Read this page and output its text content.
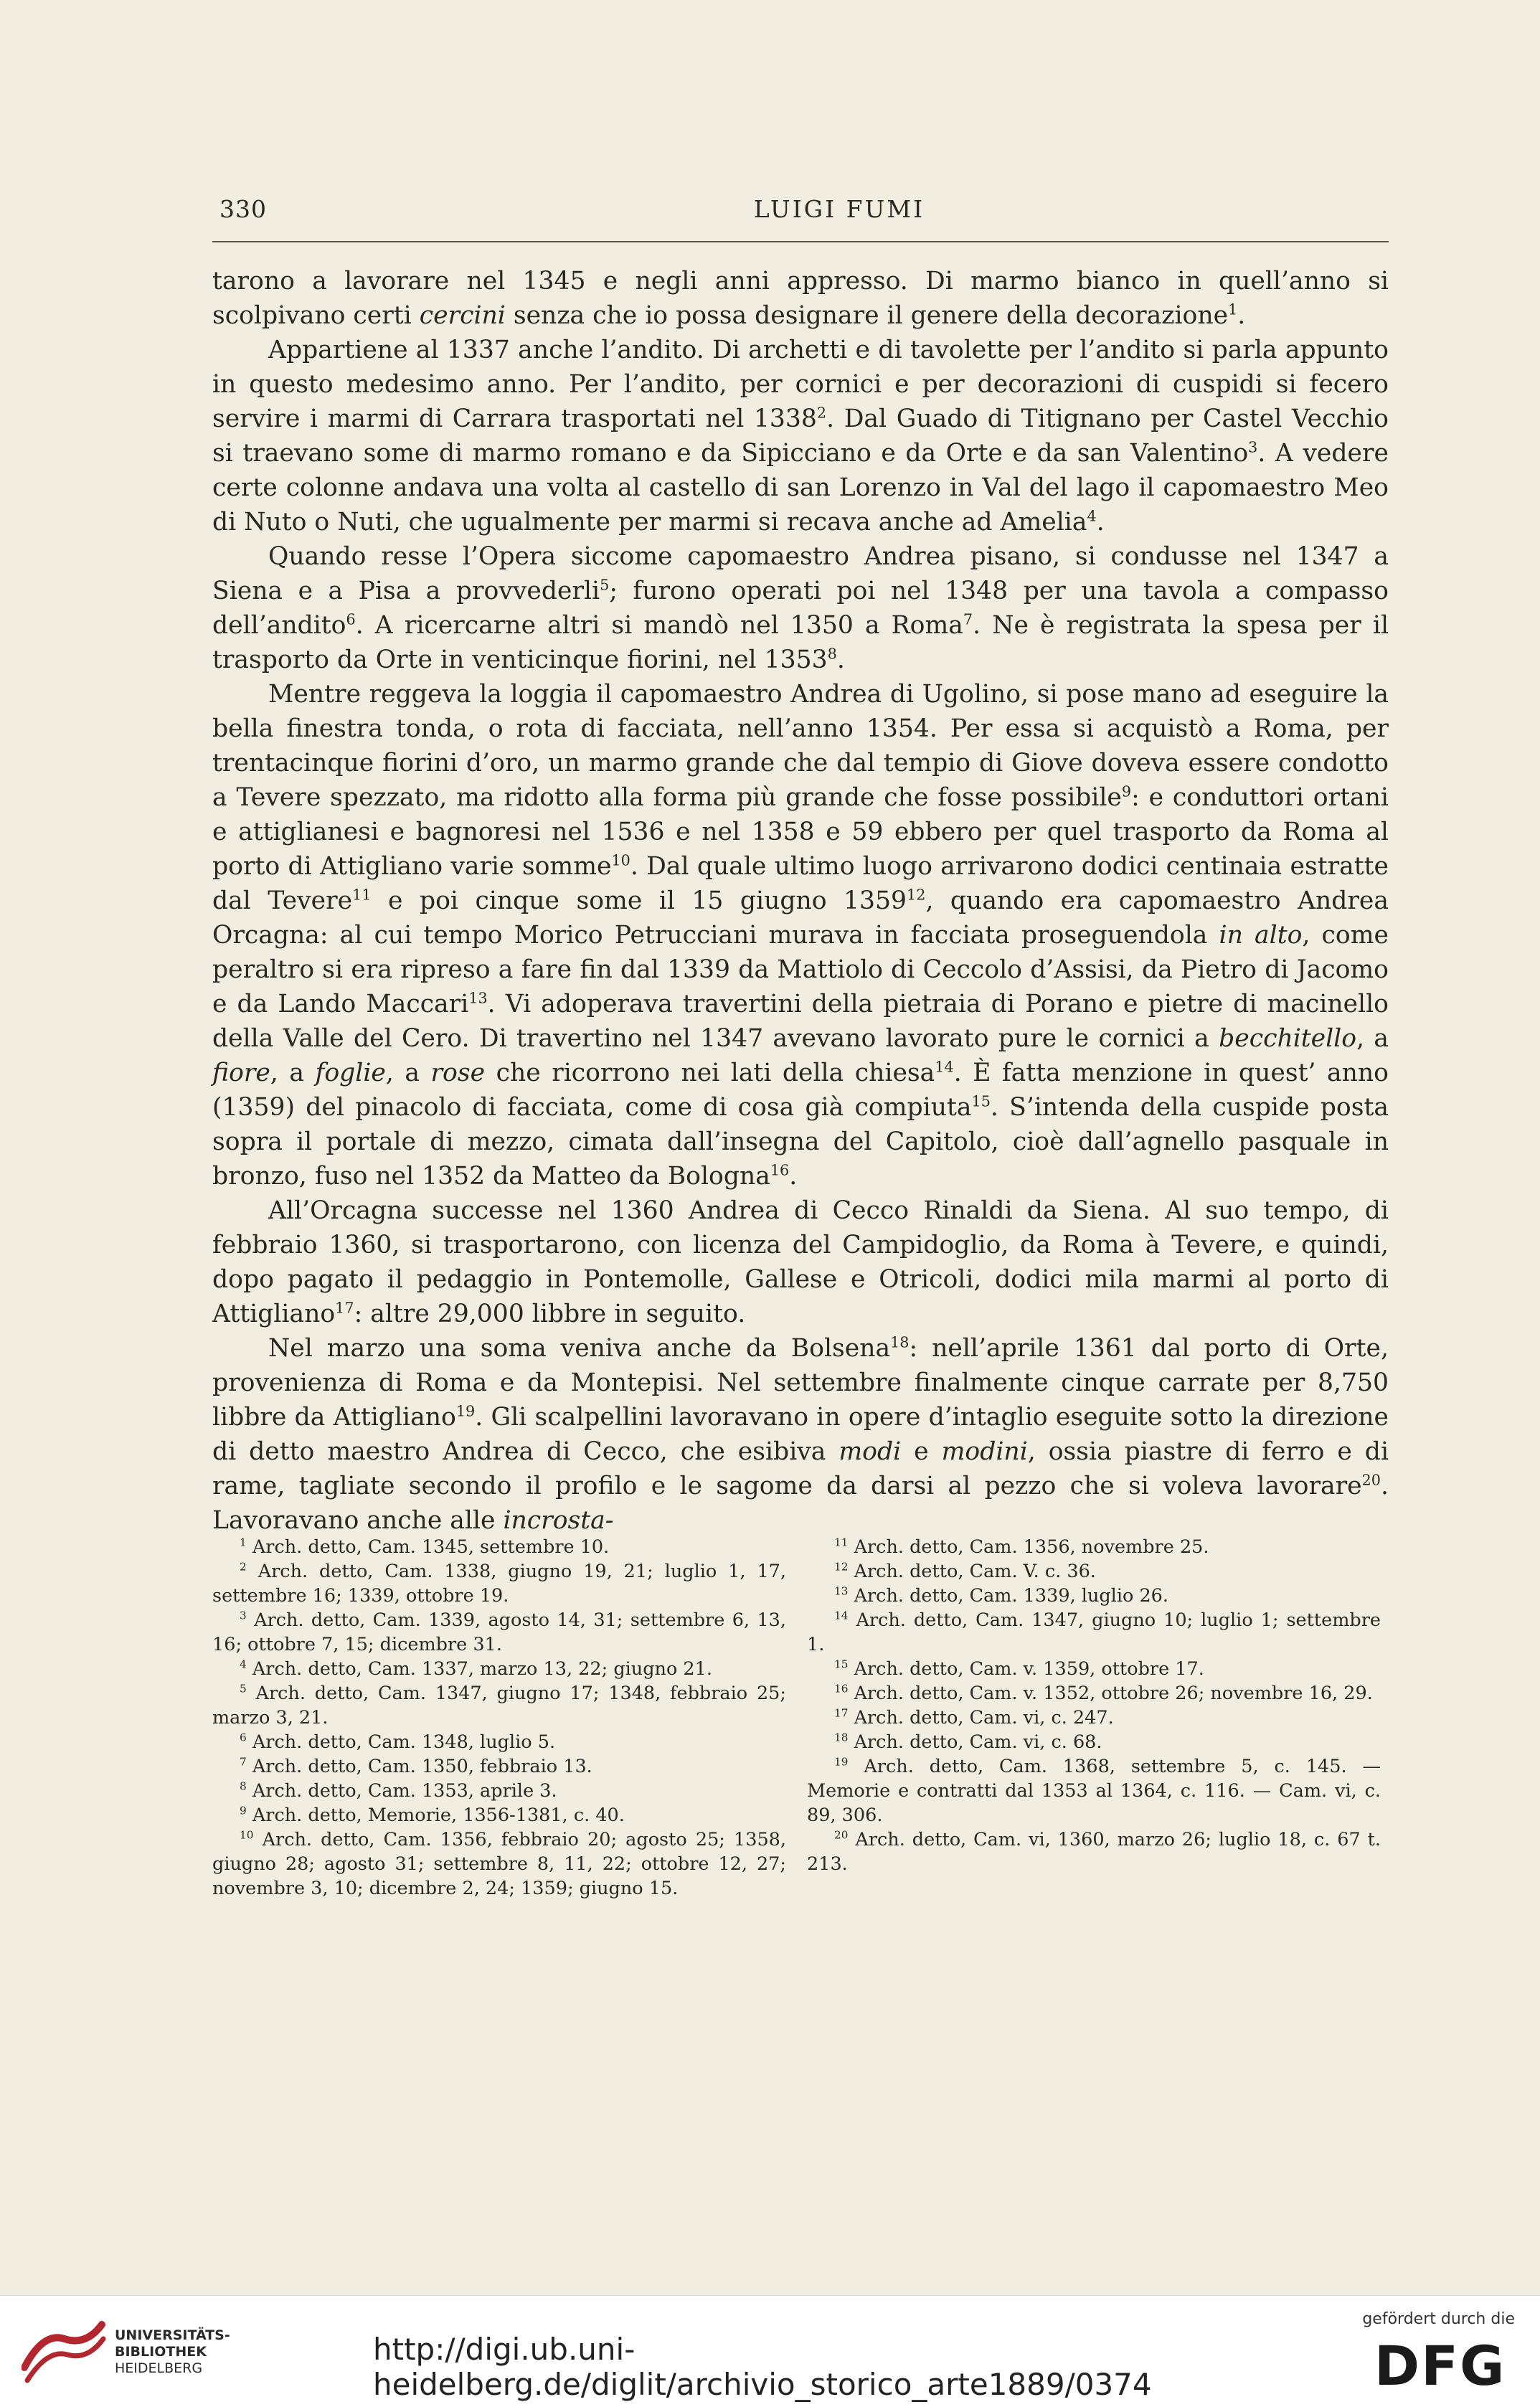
330	LUIGI FUMI

tarono a lavorare nel 1345 e negli anni appresso. Di marmo bianco in quell’anno si scolpivano certi cercini senza che io possa designare il genere della decorazione$^1$.

Appartiene al 1337 anche l’andito. Di archetti e di tavolette per l’andito si parla appunto in questo medesimo anno. Per l’andito, per cornici e per decorazioni di cuspidi si fecero servire i marmi di Carrara trasportati nel 1338$^2$. Dal Guado di Titignano per Castel Vecchio si traevano some di marmo romano e da Sipicciano e da Orte e da san Valentino$^3$. A vedere certe colonne andava una volta al castello di san Lorenzo in Val del lago il capomaestro Meo di Nuto o Nuti, che ugualmente per marmi si recava anche ad Amelia$^4$.

Quando resse l’Opera siccome capomaestro Andrea pisano, si condusse nel 1347 a Siena e a Pisa a provvederli$^5$; furono operati poi nel 1348 per una tavola a compasso dell’andito$^6$. A ricercarne altri si mandò nel 1350 a Roma$^7$. Ne è registrata la spesa per il trasporto da Orte in venticinque fiorini, nel 1353$^8$.

Mentre reggeva la loggia il capomaestro Andrea di Ugolino, si pose mano ad eseguire la bella finestra tonda, o rota di facciata, nell’anno 1354. Per essa si acquistò a Roma, per trentacinque fiorini d’oro, un marmo grande che dal tempio di Giove doveva essere condotto a Tevere spezzato, ma ridotto alla forma più grande che fosse possibile$^9$: e conduttori ortani e attiglianesi e bagnoresi nel 1536 e nel 1358 e 59 ebbero per quel trasporto da Roma al porto di Attigliano varie somme$^{10}$. Dal quale ultimo luogo arrivarono dodici centinaia estratte dal Tevere$^{11}$ e poi cinque some il 15 giugno 1359$^{12}$, quando era capomaestro Andrea Orcagna: al cui tempo Morico Petrucciani murava in facciata proseguendola in alto, come peraltro si era ripreso a fare fin dal 1339 da Mattiolo di Ceccolo d’Assisi, da Pietro di Jacomo e da Lando Maccari$^{13}$. Vi adoperava travertini della pietraia di Porano e pietre di macinello della Valle del Cero. Di travertino nel 1347 avevano lavorato pure le cornici a becchitello, a fiore, a foglie, a rose che ricorrono nei lati della chiesa$^{14}$. È fatta menzione in quest’ anno (1359) del pinacolo di facciata, come di cosa già compiuta$^{15}$. S’intenda della cuspide posta sopra il portale di mezzo, cimata dall’insegna del Capitolo, cioè dall’agnello pasquale in bronzo, fuso nel 1352 da Matteo da Bologna$^{16}$.

All’Orcagna successe nel 1360 Andrea di Cecco Rinaldi da Siena. Al suo tempo, di febbraio 1360, si trasportarono, con licenza del Campidoglio, da Roma à Tevere, e quindi, dopo pagato il pedaggio in Pontemolle, Gallese e Otricoli, dodici mila marmi al porto di Attigliano$^{17}$: altre 29,000 libbre in seguito.

Nel marzo una soma veniva anche da Bolsena$^{18}$: nell’aprile 1361 dal porto di Orte, provenienza di Roma e da Montepisi. Nel settembre finalmente cinque carrate per 8,750 libbre da Attigliano$^{19}$. Gli scalpellini lavoravano in opere d’intaglio eseguite sotto la direzione di detto maestro Andrea di Cecco, che esibiva modi e modini, ossia piastre di ferro e di rame, tagliate secondo il profilo e le sagome da darsi al pezzo che si voleva lavorare$^{20}$. Lavoravano anche alle incrosta-

$^1$ Arch. detto, Cam. 1345, settembre 10.

$^2$ Arch. detto, Cam. 1338, giugno 19, 21; luglio 1, 17, settembre 16; 1339, ottobre 19.

$^3$ Arch. detto, Cam. 1339, agosto 14, 31; settembre 6, 13, 16; ottobre 7, 15; dicembre 31.

$^4$ Arch. detto, Cam. 1337, marzo 13, 22; giugno 21.

$^5$ Arch. detto, Cam. 1347, giugno 17; 1348, febbraio 25; marzo 3, 21.

$^6$ Arch. detto, Cam. 1348, luglio 5.

$^7$ Arch. detto, Cam. 1350, febbraio 13.

$^8$ Arch. detto, Cam. 1353, aprile 3.

$^9$ Arch. detto, Memorie, 1356-1381, c. 40.

$^{10}$ Arch. detto, Cam. 1356, febbraio 20; agosto 25; 1358, giugno 28; agosto 31; settembre 8, 11, 22; ottobre 12, 27; novembre 3, 10; dicembre 2, 24; 1359; giugno 15.

$^{11}$ Arch. detto, Cam. 1356, novembre 25.

$^{12}$ Arch. detto, Cam. V. c. 36.

$^{13}$ Arch. detto, Cam. 1339, luglio 26.

$^{14}$ Arch. detto, Cam. 1347, giugno 10; luglio 1; settembre 1.

$^{15}$ Arch. detto, Cam. v. 1359, ottobre 17.

$^{16}$ Arch. detto, Cam. v. 1352, ottobre 26; novembre 16, 29.

$^{17}$ Arch. detto, Cam. vi, c. 247.

$^{18}$ Arch. detto, Cam. vi, c. 68.

$^{19}$ Arch. detto, Cam. 1368, settembre 5, c. 145. — Memorie e contratti dal 1353 al 1364, c. 116. — Cam. vi, c. 89, 306.

$^{20}$ Arch. detto, Cam. vi, 1360, marzo 26; luglio 18, c. 67 t. 213.

UNIVERSITÄTS-
BIBLIOTHEK
HEIDELBERG
http://digi.ub.uni-heidelberg.de/diglit/archivio_storico_arte1889/0374
gefördert durch die
DFG
